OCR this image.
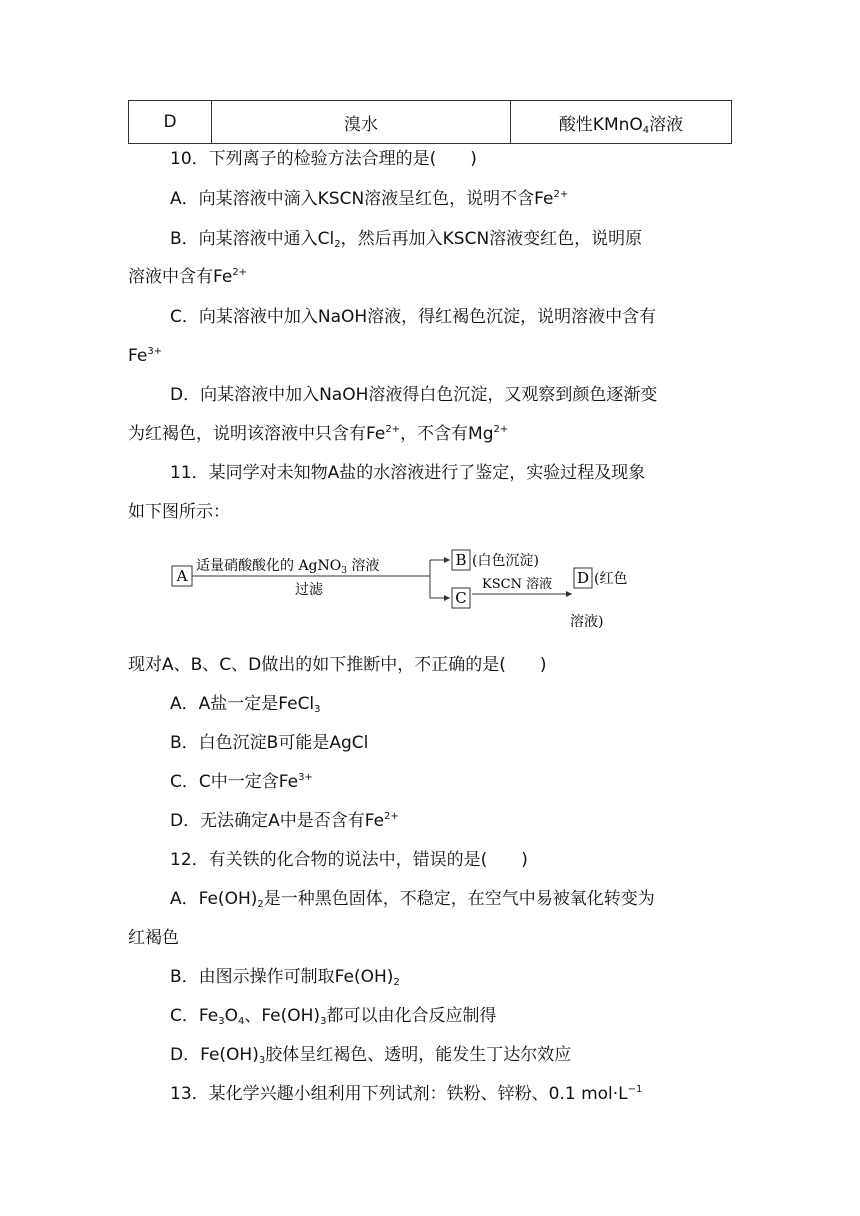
D	溴水	酸性KMnO$_4$溶液
10．下列离子的检验方法合理的是(　　)
A．向某溶液中滴入KSCN溶液呈红色，说明不含$Fe^{2+}$
B．向某溶液中通入$Cl_2$，然后再加入KSCN溶液变红色，说明原
溶液中含有$Fe^{2+}$
C．向某溶液中加入NaOH溶液，得红褐色沉淀，说明溶液中含有
$Fe^{3+}$
D．向某溶液中加入NaOH溶液得白色沉淀，又观察到颜色逐渐变
为红褐色，说明该溶液中只含有$Fe^{2+}$，不含有$Mg^{2+}$
11．某同学对未知物A盐的水溶液进行了鉴定，实验过程及现象
如下图所示：
A
适量硝酸酸化的 AgNO$_3$ 溶液
过滤
B (白色沉淀)
C
KSCN 溶液 D (红色
溶液)
现对A、B、C、D做出的如下推断中，不正确的是(　　)
A．A盐一定是FeCl$_3$
B．白色沉淀B可能是AgCl
C．C中一定含$Fe^{3+}$
D．无法确定A中是否含有$Fe^{2+}$
12．有关铁的化合物的说法中，错误的是(　　)
A．$Fe(OH)_2$是一种黑色固体，不稳定，在空气中易被氧化转变为
红褐色
B．由图示操作可制取$Fe(OH)_2$
C．$Fe_3O_4$、$Fe(OH)_3$都可以由化合反应制得
D．$Fe(OH)_3$胶体呈红褐色、透明，能发生丁达尔效应
13．某化学兴趣小组利用下列试剂：铁粉、锌粉、0.1 $mol\cdot L^{-1}$
